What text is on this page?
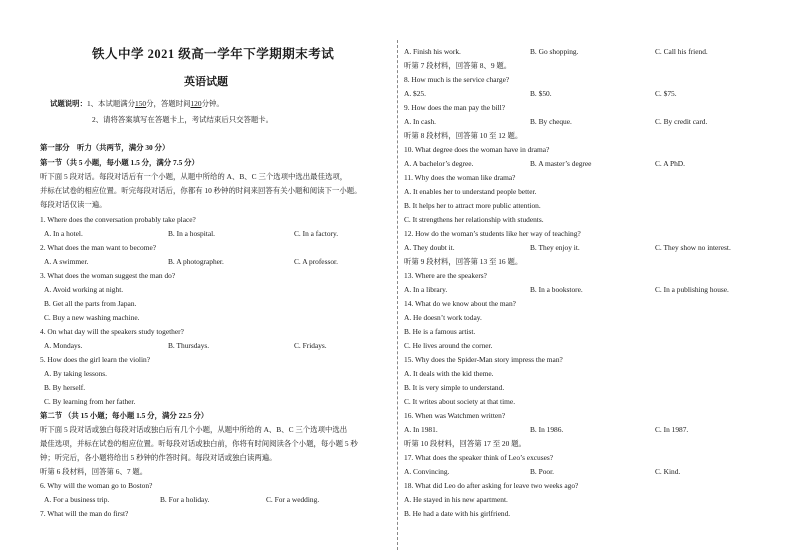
铁人中学 2021 级高一学年下学期期末考试
英语试题
试题说明：1、本试题满分150分，答题时间120分钟。
2、请将答案填写在答题卡上，考试结束后只交答题卡。
第一部分　听力（共两节，满分 30 分）
第一节（共 5 小题，每小题 1.5 分，满分 7.5 分）
听下面 5 段对话。每段对话后有一个小题，从题中所给的 A、B、C 三个选项中选出最佳选项，
并标在试卷的相应位置。听完每段对话后，你都有 10 秒钟的时间来回答有关小题和阅读下一小题。
每段对话仅读一遍。
1. Where does the conversation probably take place?
A. In a hotel.	B. In a hospital.	C. In a factory.
2. What does the man want to become?
A. A swimmer.	B. A photographer.	C. A professor.
3. What does the woman suggest the man do?
A. Avoid working at night.
B. Get all the parts from Japan.
C. Buy a new washing machine.
4. On what day will the speakers study together?
A. Mondays.	B. Thursdays.	C. Fridays.
5. How does the girl learn the violin?
A. By taking lessons.
B. By herself.
C. By learning from her father.
第二节 （共 15 小题；每小题 1.5 分，满分 22.5 分）
听下面 5 段对话或独白每段对话或独白后有几个小题，从题中所给的 A、B、C 三个选项中选出
最佳选项，并标在试卷的相应位置。听每段对话或独白前，你将有时间阅读各个小题，每小题 5 秒
钟；听完后，各小题将给出 5 秒钟的作答时间。每段对话或独白读两遍。
听第 6 段材料，回答第 6、7 题。
6. Why will the woman go to Boston?
A. For a business trip.	B. For a holiday.	C. For a wedding.
7. What will the man do first?
A. Finish his work.	B. Go shopping.	C. Call his friend.
听第 7 段材料，回答第 8、9 题。
8. How much is the service charge?
A. $25.	B. $50.	C. $75.
9. How does the man pay the bill?
A. In cash.	B. By cheque.	C. By credit card.
听第 8 段材料，回答第 10 至 12 题。
10. What degree does the woman have in drama?
A. A bachelor’s degree.	B. A master’s degree	C. A PhD.
11. Why does the woman like drama?
A. It enables her to understand people better.
B. It helps her to attract more public attention.
C. It strengthens her relationship with students.
12. How do the woman’s students like her way of teaching?
A. They doubt it.	B. They enjoy it.	C. They show no interest.
听第 9 段材料，回答第 13 至 16 题。
13. Where are the speakers?
A. In a library.	B. In a bookstore.	C. In a publishing house.
14. What do we know about the man?
A. He doesn’t work today.
B. He is a famous artist.
C. He lives around the corner.
15. Why does the Spider-Man story impress the man?
A. It deals with the kid theme.
B. It is very simple to understand.
C. It writes about society at that time.
16. When was Watchmen written?
A. In 1981.	B. In 1986.	C. In 1987.
听第 10 段材料，回答第 17 至 20 题。
17. What does the speaker think of Leo’s excuses?
A. Convincing.	B. Poor.	C. Kind.
18. What did Leo do after asking for leave two weeks ago?
A. He stayed in his new apartment.
B. He had a date with his girlfriend.
